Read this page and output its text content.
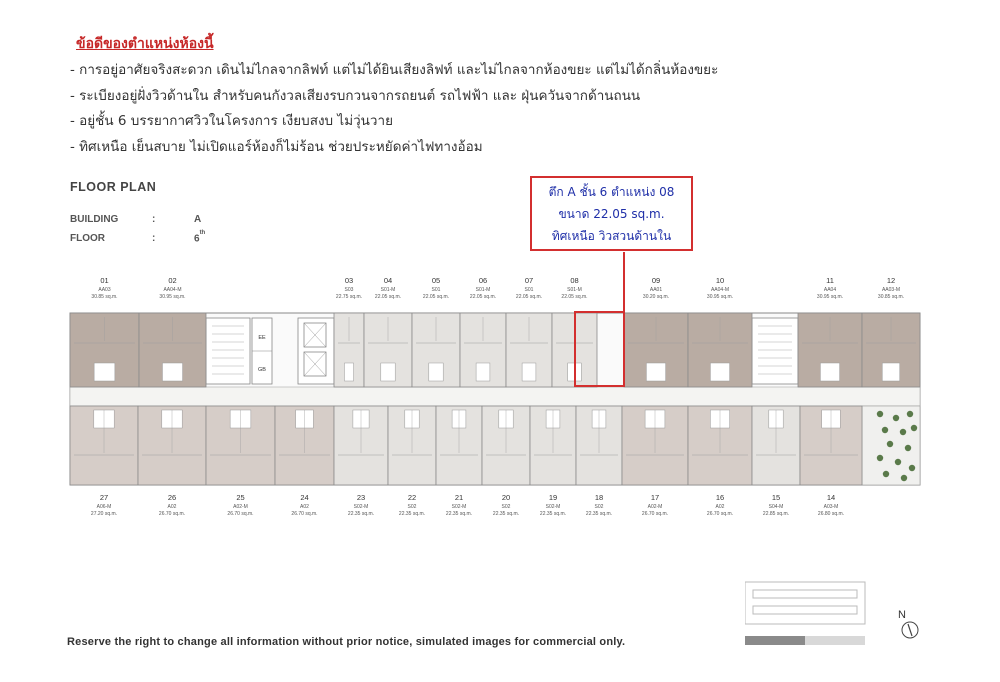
ข้อดีของตำแหน่งห้องนี้
- การอยู่อาศัยจริงสะดวก เดินไม่ไกลจากลิฟท์ แต่ไม่ได้ยินเสียงลิฟท์ และไม่ไกลจากห้องขยะ แต่ไม่ได้กลิ่นห้องขยะ
- ระเบียงอยู่ฝั่งวิวด้านใน สำหรับคนกังวลเสียงรบกวนจากรถยนต์ รถไฟฟ้า และ ฝุ่นควันจากด้านถนน
- อยู่ชั้น 6 บรรยากาศวิวในโครงการ เงียบสงบ ไม่วุ่นวาย
- ทิศเหนือ เย็นสบาย ไม่เปิดแอร์ห้องก็ไม่ร้อน ช่วยประหยัดค่าไฟทางอ้อม
FLOOR PLAN
BUILDING	:	A
FLOOR	:	6th
EE
GB
01
AA03
30.85 sq.m.
02
AA04-M
30.95 sq.m.
03
S03
22.75 sq.m.
04
S01-M
22.05 sq.m.
05
S01
22.05 sq.m.
06
S01-M
22.05 sq.m.
07
S01
22.05 sq.m.
08
S01-M
22.05 sq.m.
09
AA01
30.20 sq.m.
10
AA04-M
30.95 sq.m.
11
AA04
30.95 sq.m.
12
AA03-M
30.85 sq.m.
27
A06-M
27.20 sq.m.
26
A02
26.70 sq.m.
25
A02-M
26.70 sq.m.
24
A02
26.70 sq.m.
23
S02-M
22.35 sq.m.
22
S02
22.35 sq.m.
21
S02-M
22.35 sq.m.
20
S02
22.35 sq.m.
19
S02-M
22.35 sq.m.
18
S02
22.35 sq.m.
17
A02-M
26.70 sq.m.
16
A02
26.70 sq.m.
15
S04-M
22.85 sq.m.
14
A03-M
26.80 sq.m.
ตึก A ชั้น 6 ตำแหน่ง 08
ขนาด 22.05 sq.m.
ทิศเหนือ วิวสวนด้านใน
Reserve the right to change all information without prior notice, simulated images for commercial only.
N
